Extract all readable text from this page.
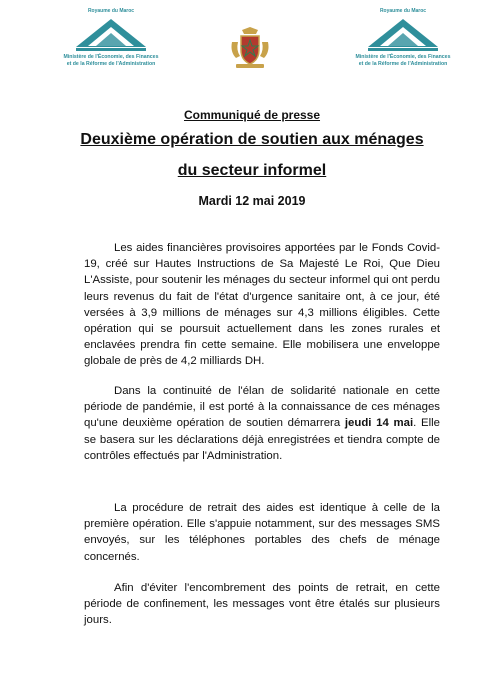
Royaume du Maroc
Ministère de l'Économie, des Finances
et de la Réforme de l'Administration
Royaume du Maroc
Ministère de l'Économie, des Finances
et de la Réforme de l'Administration
Communiqué de presse
Deuxième opération de soutien aux ménages
du secteur informel
Mardi 12 mai 2019
Les aides financières provisoires apportées par le Fonds Covid-19, créé sur Hautes Instructions de Sa Majesté Le Roi, Que Dieu L'Assiste, pour soutenir les ménages du secteur informel qui ont perdu leurs revenus du fait de l'état d'urgence sanitaire ont, à ce jour, été versées à 3,9 millions de ménages sur 4,3 millions éligibles. Cette opération qui se poursuit actuellement dans les zones rurales et enclavées prendra fin cette semaine. Elle mobilisera une enveloppe globale de près de 4,2 milliards DH.
Dans la continuité de l'élan de solidarité nationale en cette période de pandémie, il est porté à la connaissance de ces ménages qu'une deuxième opération de soutien démarrera jeudi 14 mai. Elle se basera sur les déclarations déjà enregistrées et tiendra compte de contrôles effectués par l'Administration.
La procédure de retrait des aides est identique à celle de la première opération. Elle s'appuie notamment, sur des messages SMS envoyés, sur les téléphones portables des chefs de ménage concernés.
Afin d'éviter l'encombrement des points de retrait, en cette période de confinement, les messages vont être étalés sur plusieurs jours.
